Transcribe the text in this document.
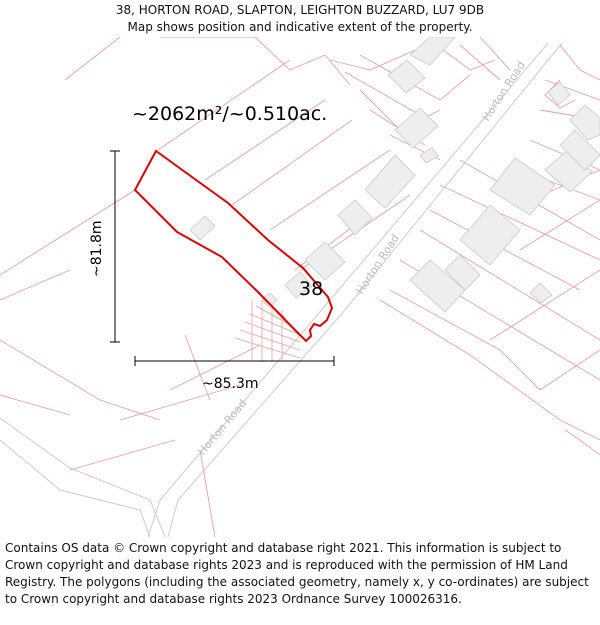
38, HORTON ROAD, SLAPTON, LEIGHTON BUZZARD, LU7 9DB
Map shows position and indicative extent of the property.
Horton Road
Horton Road
Horton Road
~2062m²/~0.510ac.
~81.8m
~85.3m
38
Contains OS data © Crown copyright and database right 2021. This information is subject to Crown copyright and database rights 2023 and is reproduced with the permission of HM Land Registry. The polygons (including the associated geometry, namely x, y co-ordinates) are subject to Crown copyright and database rights 2023 Ordnance Survey 100026316.
